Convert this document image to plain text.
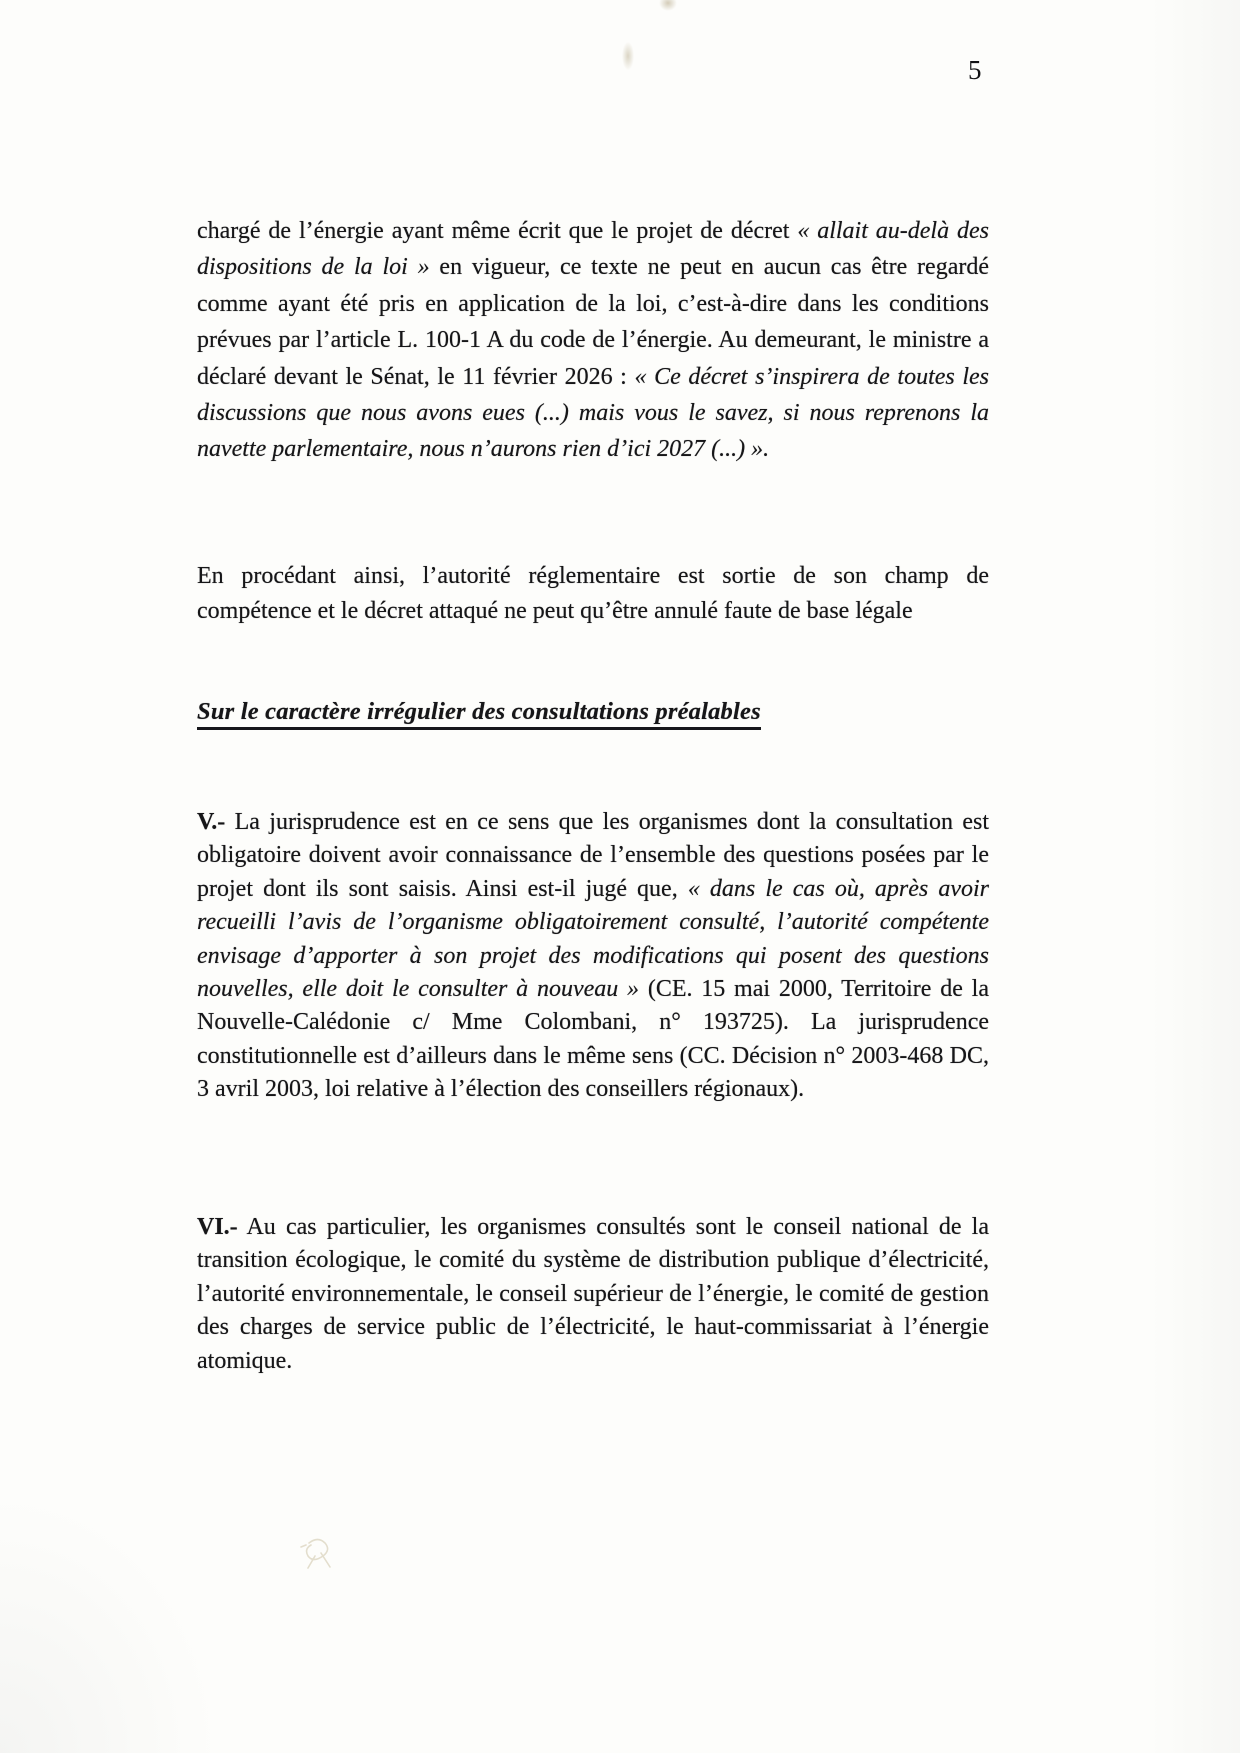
5

chargé de l’énergie ayant même écrit que le projet de décret « allait au-delà des dispositions de la loi » en vigueur, ce texte ne peut en aucun cas être regardé comme ayant été pris en application de la loi, c’est-à-dire dans les conditions prévues par l’article L. 100-1 A du code de l’énergie. Au demeurant, le ministre a déclaré devant le Sénat, le 11 février 2026 : « Ce décret s’inspirera de toutes les discussions que nous avons eues (...) mais vous le savez, si nous reprenons la navette parlementaire, nous n’aurons rien d’ici 2027 (...) ».

En procédant ainsi, l’autorité réglementaire est sortie de son champ de compétence et le décret attaqué ne peut qu’être annulé faute de base légale

Sur le caractère irrégulier des consultations préalables

V.- La jurisprudence est en ce sens que les organismes dont la consultation est obligatoire doivent avoir connaissance de l’ensemble des questions posées par le projet dont ils sont saisis. Ainsi est-il jugé que, « dans le cas où, après avoir recueilli l’avis de l’organisme obligatoirement consulté, l’autorité compétente envisage d’apporter à son projet des modifications qui posent des questions nouvelles, elle doit le consulter à nouveau » (CE. 15 mai 2000, Territoire de la Nouvelle-Calédonie c/ Mme Colombani, n° 193725). La jurisprudence constitutionnelle est d’ailleurs dans le même sens (CC. Décision n° 2003-468 DC, 3 avril 2003, loi relative à l’élection des conseillers régionaux).

VI.- Au cas particulier, les organismes consultés sont le conseil national de la transition écologique, le comité du système de distribution publique d’électricité, l’autorité environnementale, le conseil supérieur de l’énergie, le comité de gestion des charges de service public de l’électricité, le haut-commissariat à l’énergie atomique.
